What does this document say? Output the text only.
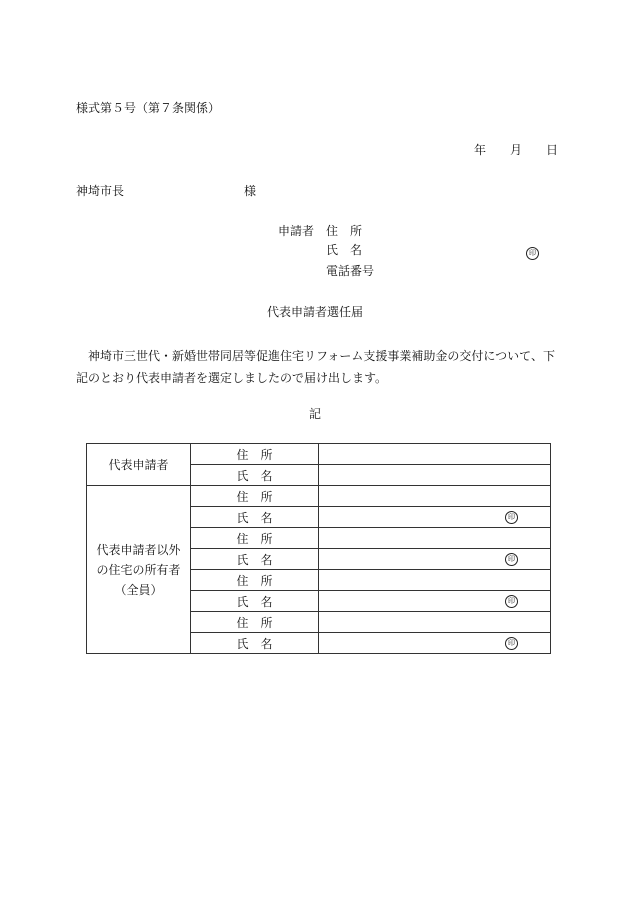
様式第５号（第７条関係）
年 月 日
神埼市長	様
申請者 住　所
氏　名	印
電話番号
代表申請者選任届

　神埼市三世代・新婚世帯同居等促進住宅リフォーム支援事業補助金の交付について、下

記のとおり代表申請者を選定しましたので届け出します。

記
代表申請者	住　所	
	氏　名	

代表申請者以外
の住宅の所有者
（全員）	住　所	
	氏　名	印

	住　所	
	氏　名	印

	住　所	
	氏　名	印

	住　所	
	氏　名	印
